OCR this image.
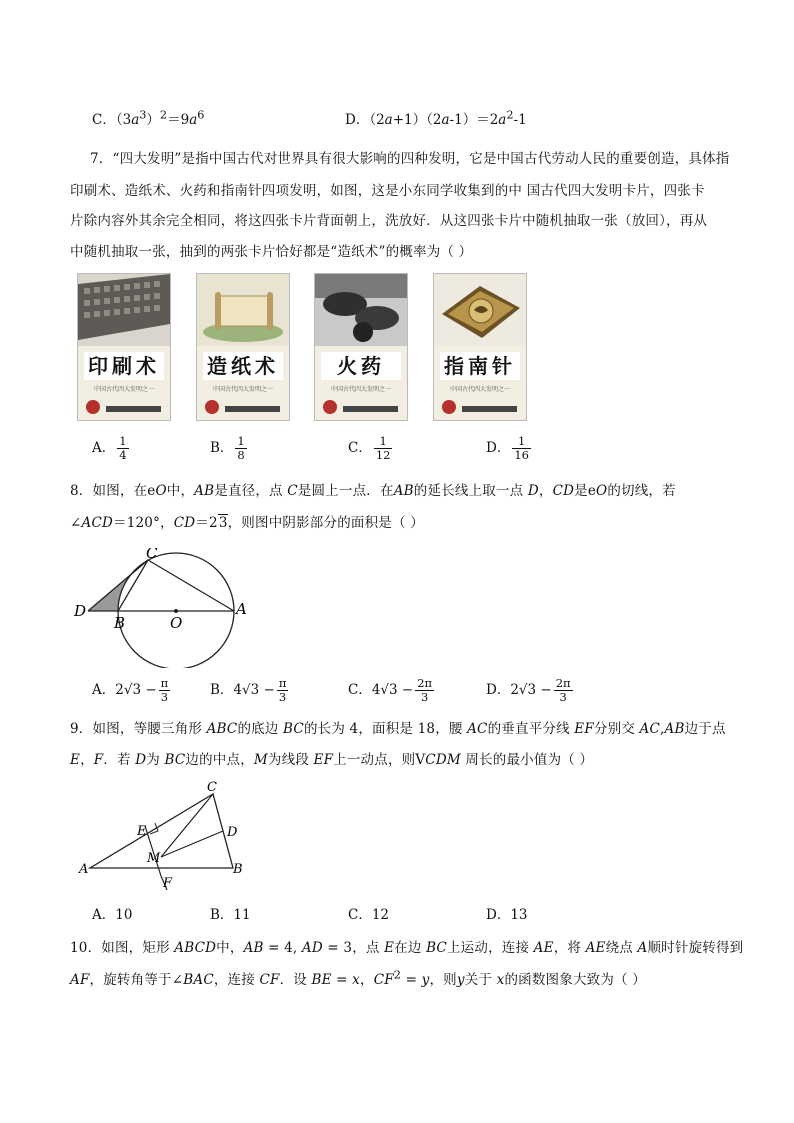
C．$(3a^3)^2=9a^6$	D．$(2a+1)(2a-1)=2a^2-1$
7．“四大发明”是指中国古代对世界具有很大影响的四种发明，它是中国古代劳动人民的重要创造，具体指
印刷术、造纸术、火药和指南针四项发明，如图，这是小东同学收集到的中 国古代四大发明卡片，四张卡
片除内容外其余完全相同，将这四张卡片背面朝上，洗放好．从这四张卡片中随机抽取一张（放回），再从
中随机抽取一张，抽到的两张卡片恰好都是“造纸术”的概率为（ ）
印刷术
中国古代四大发明之一
造纸术
中国古代四大发明之一
火药
中国古代四大发明之一
指南针
中国古代四大发明之一
A． $\frac{1}{4}$	B． $\frac{1}{8}$	C． $\frac{1}{12}$	D． $\frac{1}{16}$
8．如图，在eO中，AB是直径，点 C是圆上一点．在AB的延长线上取一点 D，CD是eO的切线，若
∠ACD＝120°，CD＝23，则图中阴影部分的面积是（ ）
C
D
B	O
A
A．$2√3 - \frac{\pi}{3}$	B．$4√3 - \frac{\pi}{3}$	C．$4√3 - \frac{2\pi}{3}$	D．$2√3 - \frac{2\pi}{3}$
9．如图，等腰三角形 ABC的底边 BC的长为 4，面积是 18，腰 AC的垂直平分线 EF分别交 AC,AB边于点
E，F．若 D为 BC边的中点，M为线段 EF上一动点，则VCDM 周长的最小值为（ ）
C
E	D
M
A
F
B
A．10	B．11	C．12	D．13
10．如图，矩形 ABCD中，AB = 4, AD = 3，点 E在边 BC上运动，连接 AE，将 AE绕点 A顺时针旋转得到
AF，旋转角等于∠BAC，连接 CF．设 BE = x，$CF^2 = y$，则y关于 x的函数图象大致为（ ）
